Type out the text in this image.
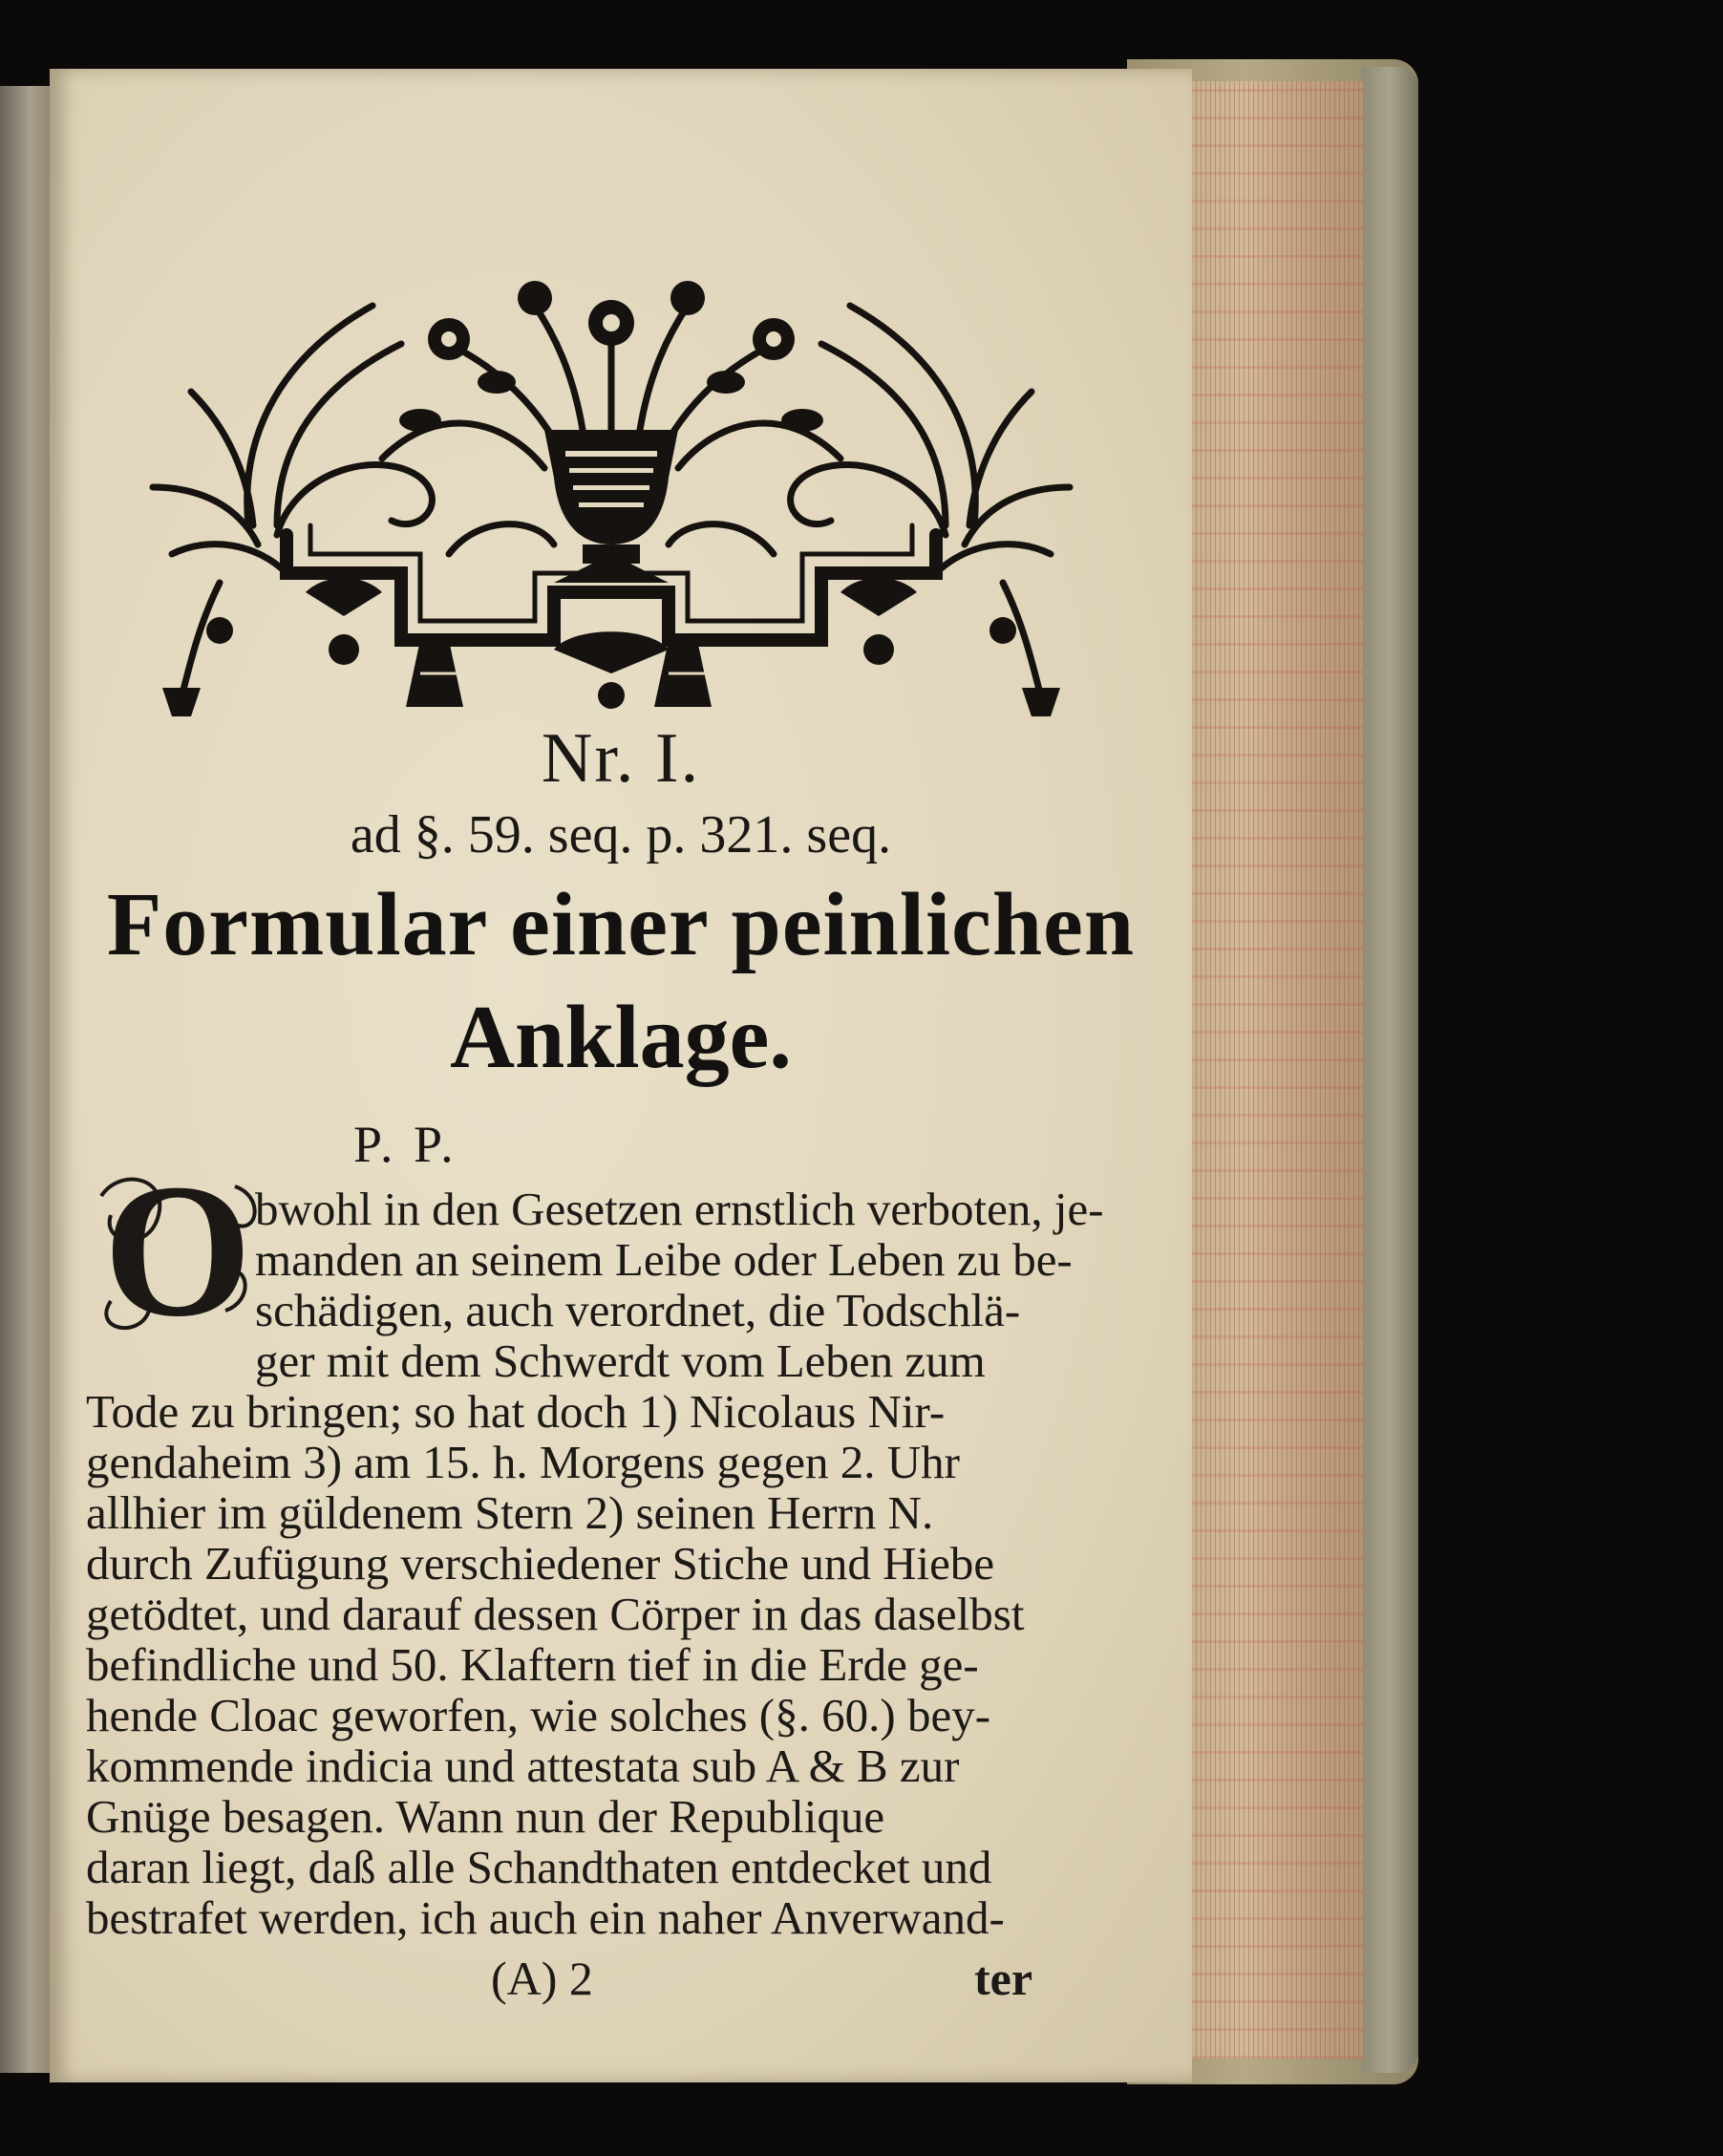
Nr. I.
ad §. 59. seq. p. 321. seq.
Formular einer peinlichen
Anklage.
P. P.
O bwohl in den Gesetzen ernstlich verboten, je-
manden an seinem Leibe oder Leben zu be-
schädigen, auch verordnet, die Todschlä-
ger mit dem Schwerdt vom Leben zum
Tode zu bringen; so hat doch 1) Nicolaus Nir-
gendaheim 3) am 15. h. Morgens gegen 2. Uhr
allhier im güldenem Stern 2) seinen Herrn N.
durch Zufügung verschiedener Stiche und Hiebe
getödtet, und darauf dessen Cörper in das daselbst
befindliche und 50. Klaftern tief in die Erde ge-
hende Cloac geworfen, wie solches (§. 60.) bey-
kommende indicia und attestata sub A & B zur
Gnüge besagen. Wann nun der Republique
daran liegt, daß alle Schandthaten entdecket und
bestrafet werden, ich auch ein naher Anverwand-
(A) 2	ter
